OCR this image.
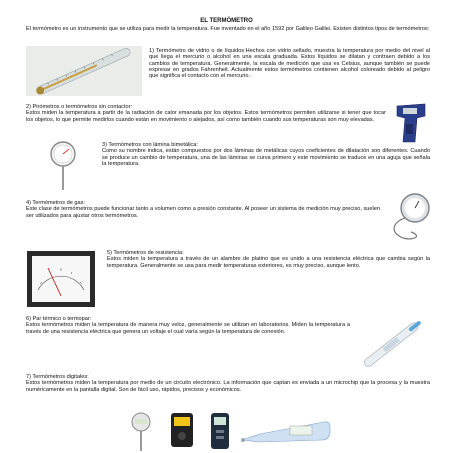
EL TERMÓMETRO
El termómetro es un instrumento que se utiliza para medir la temperatura. Fue inventado en el año 1592 por Galileo Galilei. Existen distintos tipos de termómetros:
1) Termómetro de vidrio o de líquidos:Hechos con vidrio sellado, muestra la temperatura por medio del nivel al que llega el mercurio o alcohol en una escala graduada. Estos líquidos se dilatan y contraen debido a los cambios de temperatura. Generalmente, la escala de medición que usa es Celsius, aunque también se puede expresar en grados Fahrenheit. Actualmente estos termómetros contienen alcohol coloreado debido al peligro que significa el contacto con el mercurio.
2) Pirómetros o termómetros sin contactor:
Estos miden la temperatura a partir de la radiación de calor emanada por los objetos. Estos termómetros permiten utilizarse si tener que tocar los objetos, lo que permite medirlos cuando están en movimiento o alejados, así como también cuando sus temperaturas son muy elevadas.
3) Termómetros con lámina bimetálica:
Como su nombre indica, están compuestos por dos láminas de metálicas cuyos coeficientes de dilatación son diferentes. Cuando se produce un cambio de temperatura, una de las láminas se curva primero y este movimiento se traduce en una aguja que señala la temperatura.
4) Termómetros de gas:
Este clase de termómetros puede funcionar tanto a volumen como a presión constante. Al poseer un sistema de medición muy preciso, suelen ser utilizados para ajustar otros termómetros.
5) Termómetros de resistencia:
Estos miden la temperatura a través de un alambre de platino que es unido a una resistencia eléctrica que cambia según la temperatura. Generalmente se usa para medir temperaturas exteriores, es muy preciso, aunque lento.
6) Par térmico o termopar:
Estos termómetros miden la temperatura de manera muy veloz, generalmente se utilizan en laboratorios. Miden la temperatura a través de una resistencia eléctrica que genera un voltaje el cual varía según la temperatura de conexión.
7) Termómetros digitales:
Estos termómetros miden la temperatura por medio de un circuito electrónico. La información que captan es enviada a un microchip que la procesa y la muestra numéricamente en la pantalla digital. Son de fácil uso, rápidos, precisos y económicos.
